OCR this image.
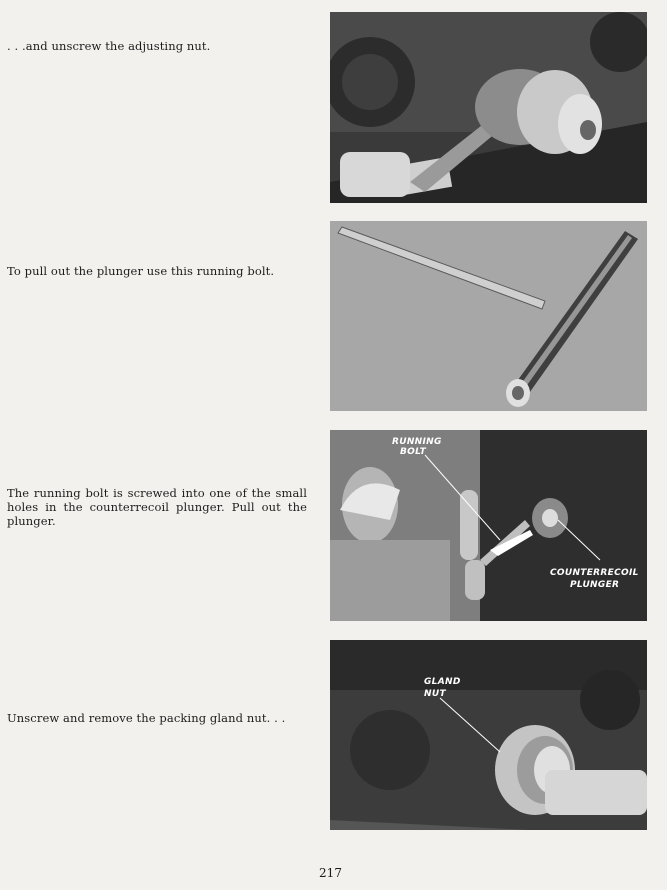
. . .and unscrew the adjusting nut.
To pull out the plunger use this running bolt.
The running bolt is screwed into one of the small holes in the counterrecoil plunger. Pull out the plunger.
Unscrew and remove the packing gland nut. . .
RUNNING
BOLT
COUNTERRECOIL
PLUNGER
GLAND
NUT
217
